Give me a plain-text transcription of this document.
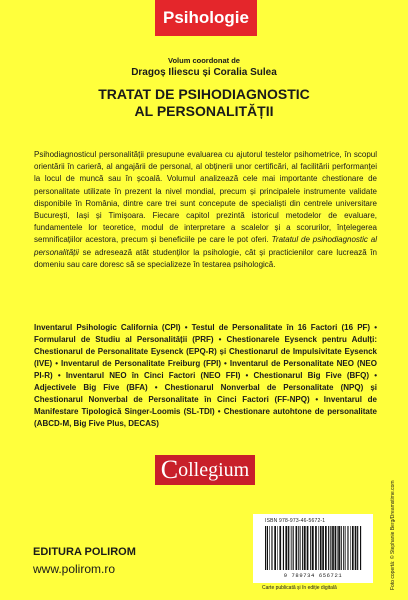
Psihologie
Volum coordonat de
Dragoș Iliescu și Coralia Sulea
TRATAT DE PSIHODIAGNOSTIC
AL PERSONALITĂȚII

Psihodiagnosticul personalității presupune evaluarea cu ajutorul testelor psihometrice, în scopul orientării în carieră, al angajării de personal, al obținerii unor certificări, al facilitării performanței la locul de muncă sau în școală. Volumul analizează cele mai importante chestionare de personalitate utilizate în prezent la nivel mondial, precum și principalele instrumente validate disponibile în România, dintre care trei sunt concepute de specialiști din centrele universitare București, Iași și Timișoara. Fiecare capitol prezintă istoricul metodelor de evaluare, fundamentele lor teoretice, modul de interpretare a scalelor și a scorurilor, înțelegerea semnificațiilor acestora, precum și beneficiile pe care le pot oferi. Tratatul de psihodiagnostic al personalității se adresează atât studenților la psihologie, cât și practicienilor care lucrează în domeniu sau care doresc să se specializeze în testarea psihologică.

Inventarul Psihologic California (CPI) • Testul de Personalitate în 16 Factori (16 PF) • Formularul de Studiu al Personalității (PRF) • Chestionarele Eysenck pentru Adulți: Chestionarul de Personalitate Eysenck (EPQ-R) și Chestionarul de Impulsivitate Eysenck (IVE) • Inventarul de Personalitate Freiburg (FPI) • Inventarul de Personalitate NEO (NEO PI-R) • Inventarul NEO în Cinci Factori (NEO FFI) • Chestionarul Big Five (BFQ) • Adjectivele Big Five (BFA) • Chestionarul Nonverbal de Personalitate (NPQ) și Chestionarul Nonverbal de Personalitate în Cinci Factori (FF-NPQ) • Inventarul de Manifestare Tipologică Singer-Loomis (SL-TDI) • Chestionare autohtone de personalitate (ABCD-M, Big Five Plus, DECAS)

C ollegium
EDITURA POLIROM
www.polirom.ro
ISBN 978-973-46-5672-1
9 789734 656721
Carte publicată și în ediție digitală	Foto copertă: © Stephanie Berg/Dreamstime.com
